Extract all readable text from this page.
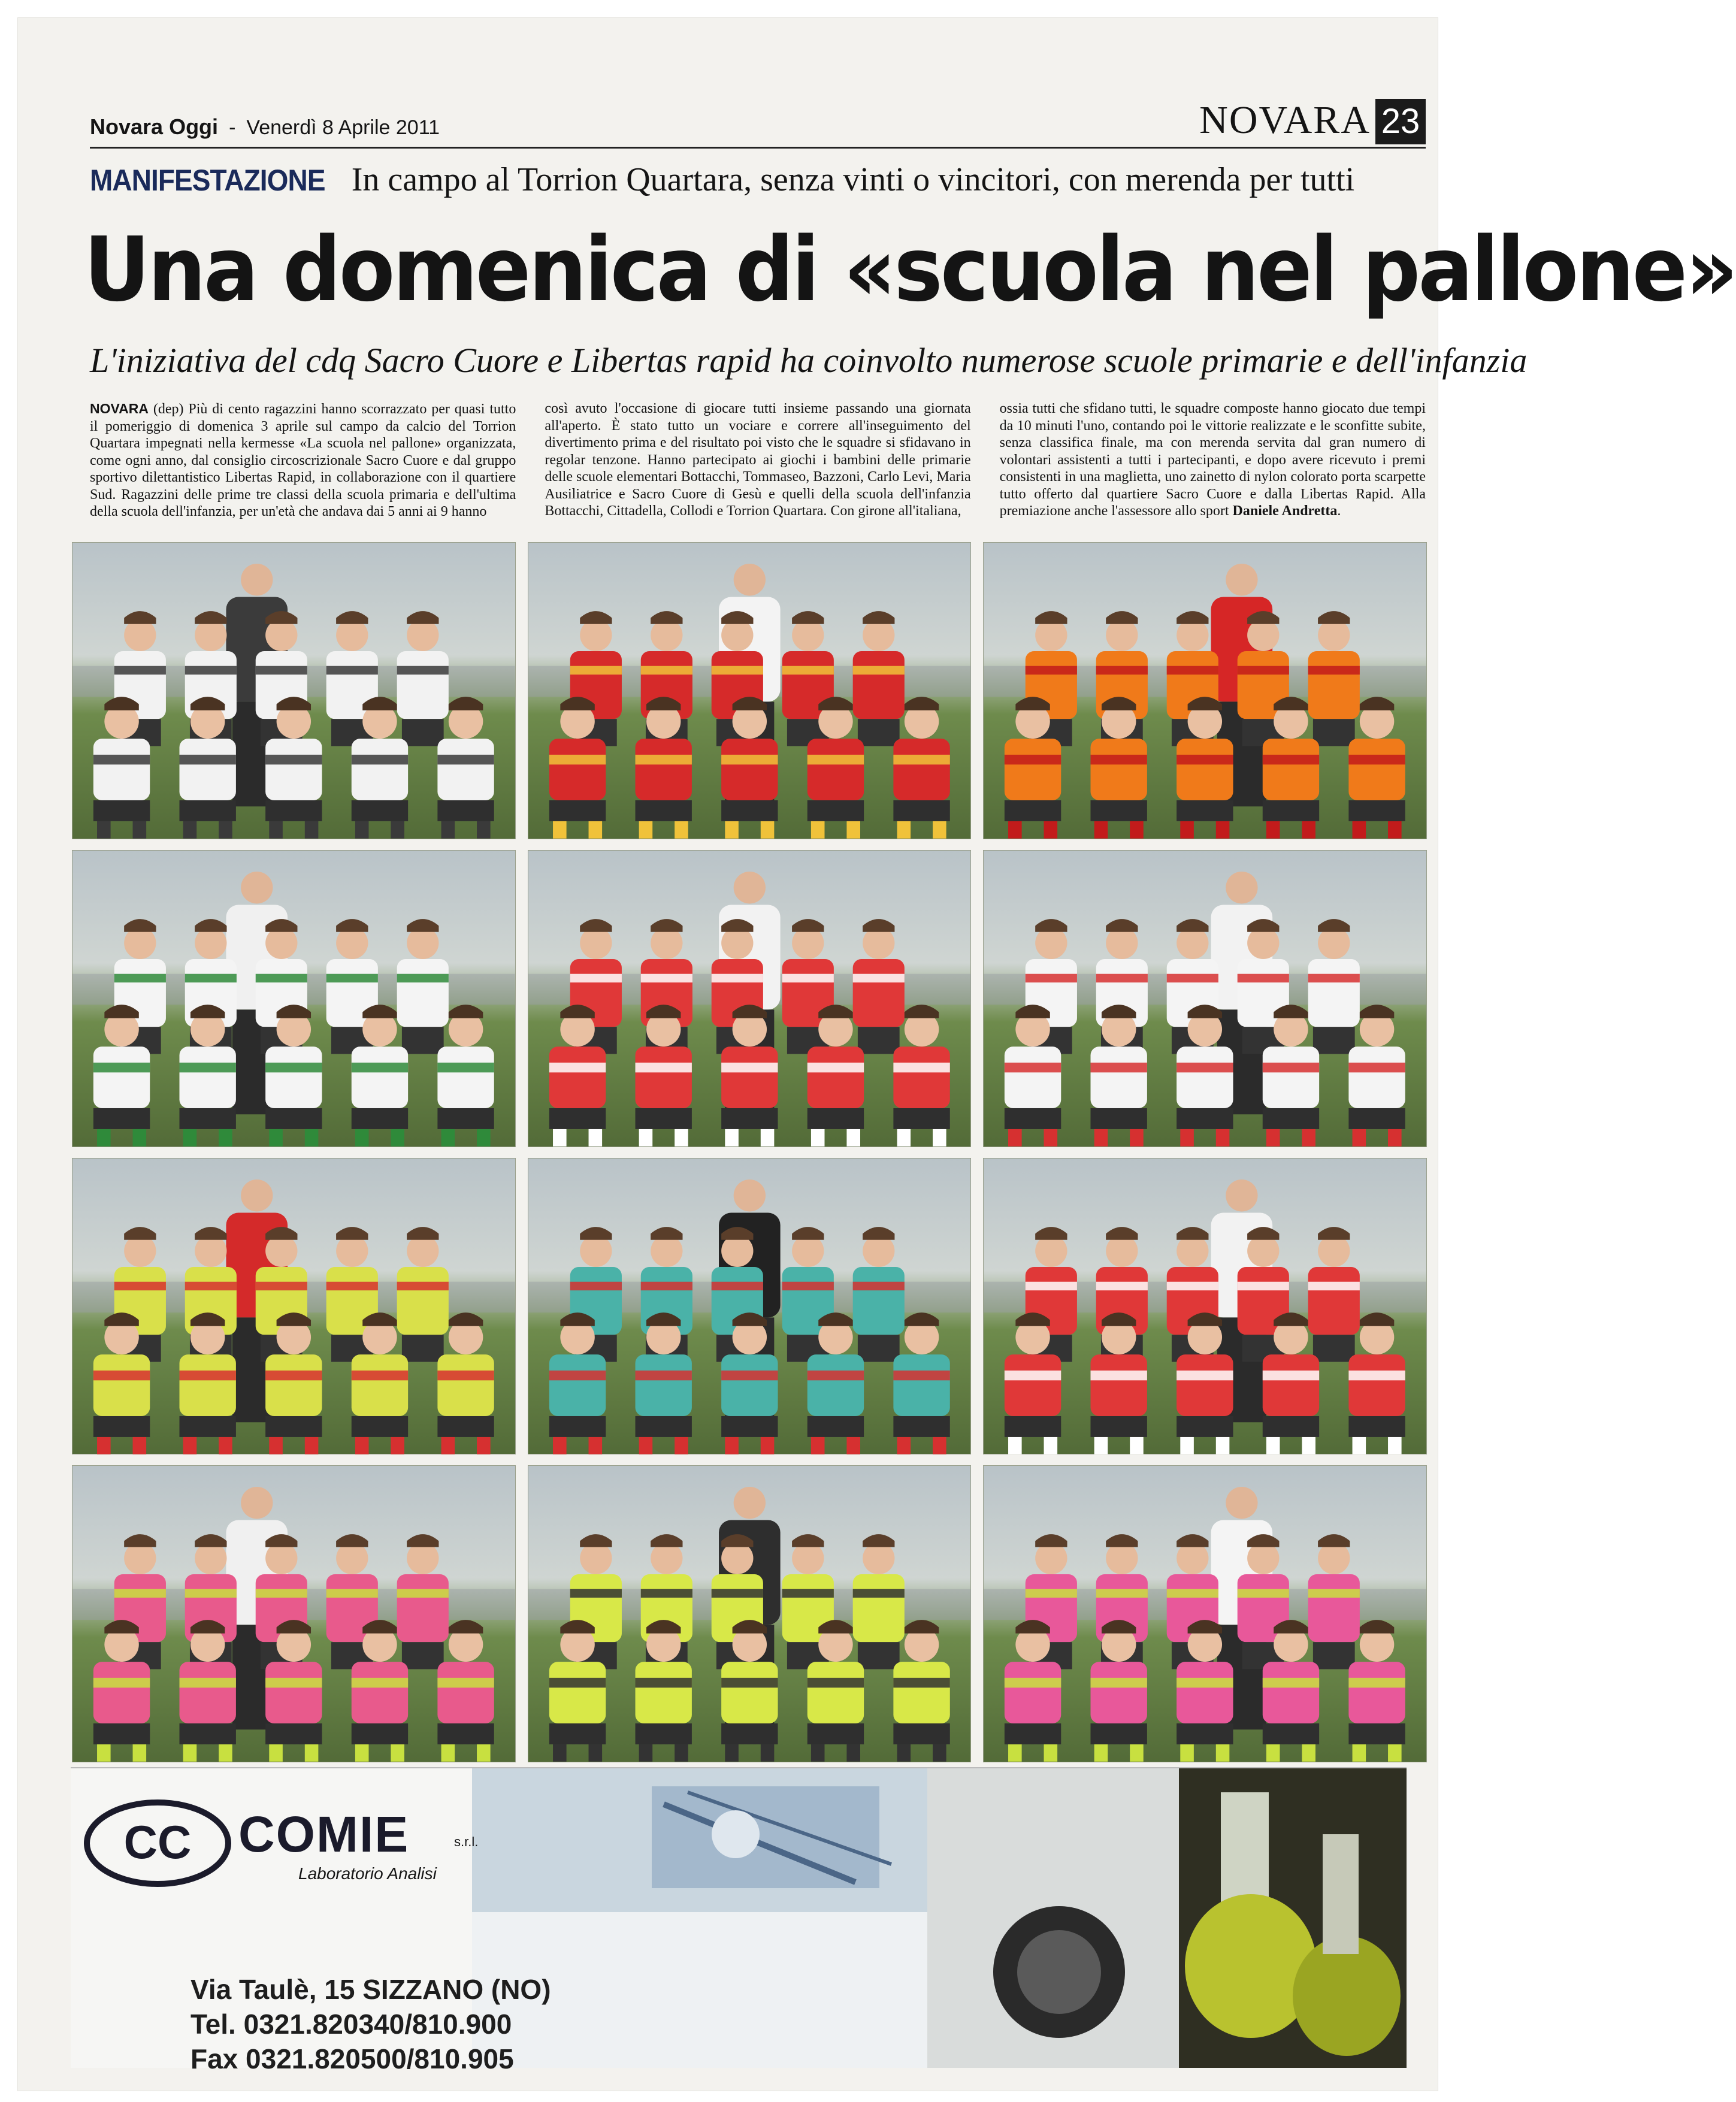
Novara Oggi - Venerdì 8 Aprile 2011	NOVARA 23
MANIFESTAZIONE In campo al Torrion Quartara, senza vinti o vincitori, con merenda per tutti
Una domenica di «scuola nel pallone»
L'iniziativa del cdq Sacro Cuore e Libertas rapid ha coinvolto numerose scuole primarie e dell'infanzia
NOVARA (dep) Più di cento ragazzini hanno scorrazzato per quasi tutto il pomeriggio di domenica 3 aprile sul campo da calcio del Torrion Quartara impegnati nella kermesse «La scuola nel pallone» organizzata, come ogni anno, dal consiglio circoscrizionale Sacro Cuore e dal gruppo sportivo dilettantistico Libertas Rapid, in collaborazione con il quartiere Sud. Ragazzini delle prime tre classi della scuola primaria e dell'ultima della scuola dell'infanzia, per un'età che andava dai 5 anni ai 9 hanno
così avuto l'occasione di giocare tutti insieme passando una giornata all'aperto. È stato tutto un vociare e correre all'inseguimento del divertimento prima e del risultato poi visto che le squadre si sfidavano in regolar tenzone. Hanno partecipato ai giochi i bambini delle primarie delle scuole elementari Bottacchi, Tommaseo, Bazzoni, Carlo Levi, Maria Ausiliatrice e Sacro Cuore di Gesù e quelli della scuola dell'infanzia Bottacchi, Cittadella, Collodi e Torrion Quartara. Con girone all'italiana,
ossia tutti che sfidano tutti, le squadre composte hanno giocato due tempi da 10 minuti l'uno, contando poi le vittorie realizzate e le sconfitte subite, senza classifica finale, ma con merenda servita dal gran numero di volontari assistenti a tutti i partecipanti, e dopo avere ricevuto i premi consistenti in una maglietta, uno zainetto di nylon colorato porta scarpette tutto offerto dal quartiere Sacro Cuore e dalla Libertas Rapid. Alla premiazione anche l'assessore allo sport Daniele Andretta.
CC COMIE	s.r.l.
Laboratorio Analisi
Via Taulè, 15 SIZZANO (NO)
Tel. 0321.820340/810.900
Fax 0321.820500/810.905
